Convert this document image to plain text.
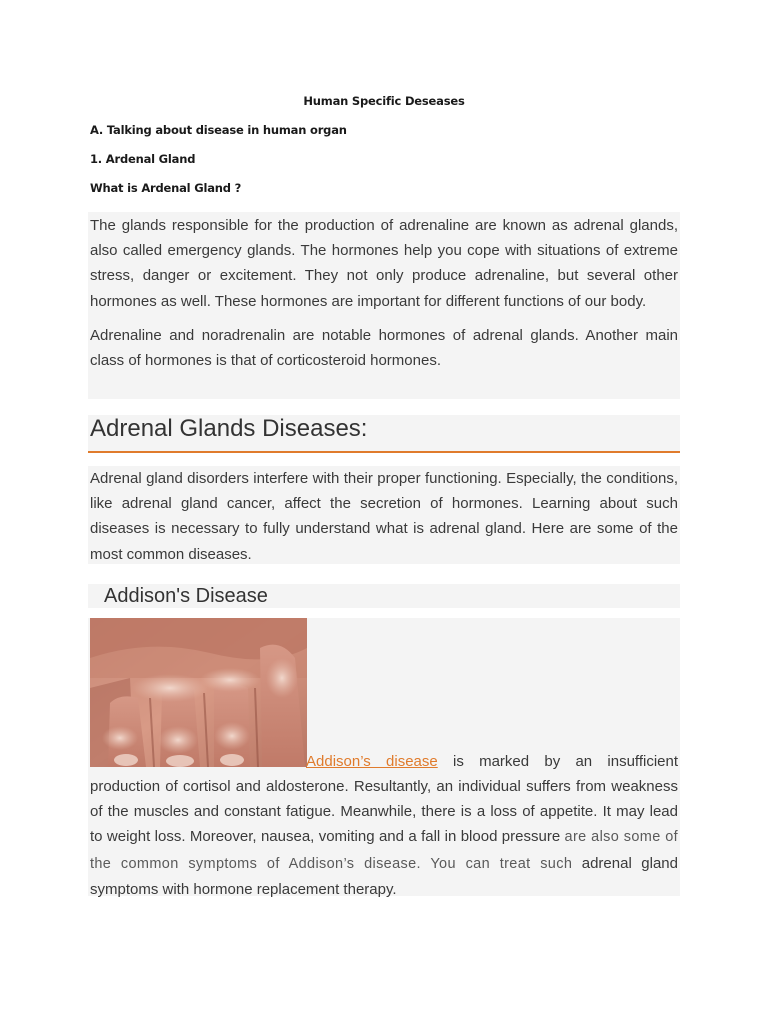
Human Specific Deseases
A. Talking about disease in human organ
1. Ardenal Gland
What is Ardenal Gland ?

The glands responsible for the production of adrenaline are known as adrenal glands, also called emergency glands. The hormones help you cope with situations of extreme stress, danger or excitement. They not only produce adrenaline, but several other hormones as well. These hormones are important for different functions of our body.

Adrenaline and noradrenalin are notable hormones of adrenal glands. Another main class of hormones is that of corticosteroid hormones.

Adrenal Glands Diseases:

Adrenal gland disorders interfere with their proper functioning. Especially, the conditions, like adrenal gland cancer, affect the secretion of hormones. Learning about such diseases is necessary to fully understand what is adrenal gland. Here are some of the most common diseases.

Addison's Disease
Addison’s disease is marked by an insufficient

production of cortisol and aldosterone. Resultantly, an individual suffers from weakness of the muscles and constant fatigue. Meanwhile, there is a loss of appetite. It may lead to weight loss. Moreover, nausea, vomiting and a fall in blood pressure are also some of the common symptoms of Addison’s disease. You can treat such adrenal gland symptoms with hormone replacement therapy.
